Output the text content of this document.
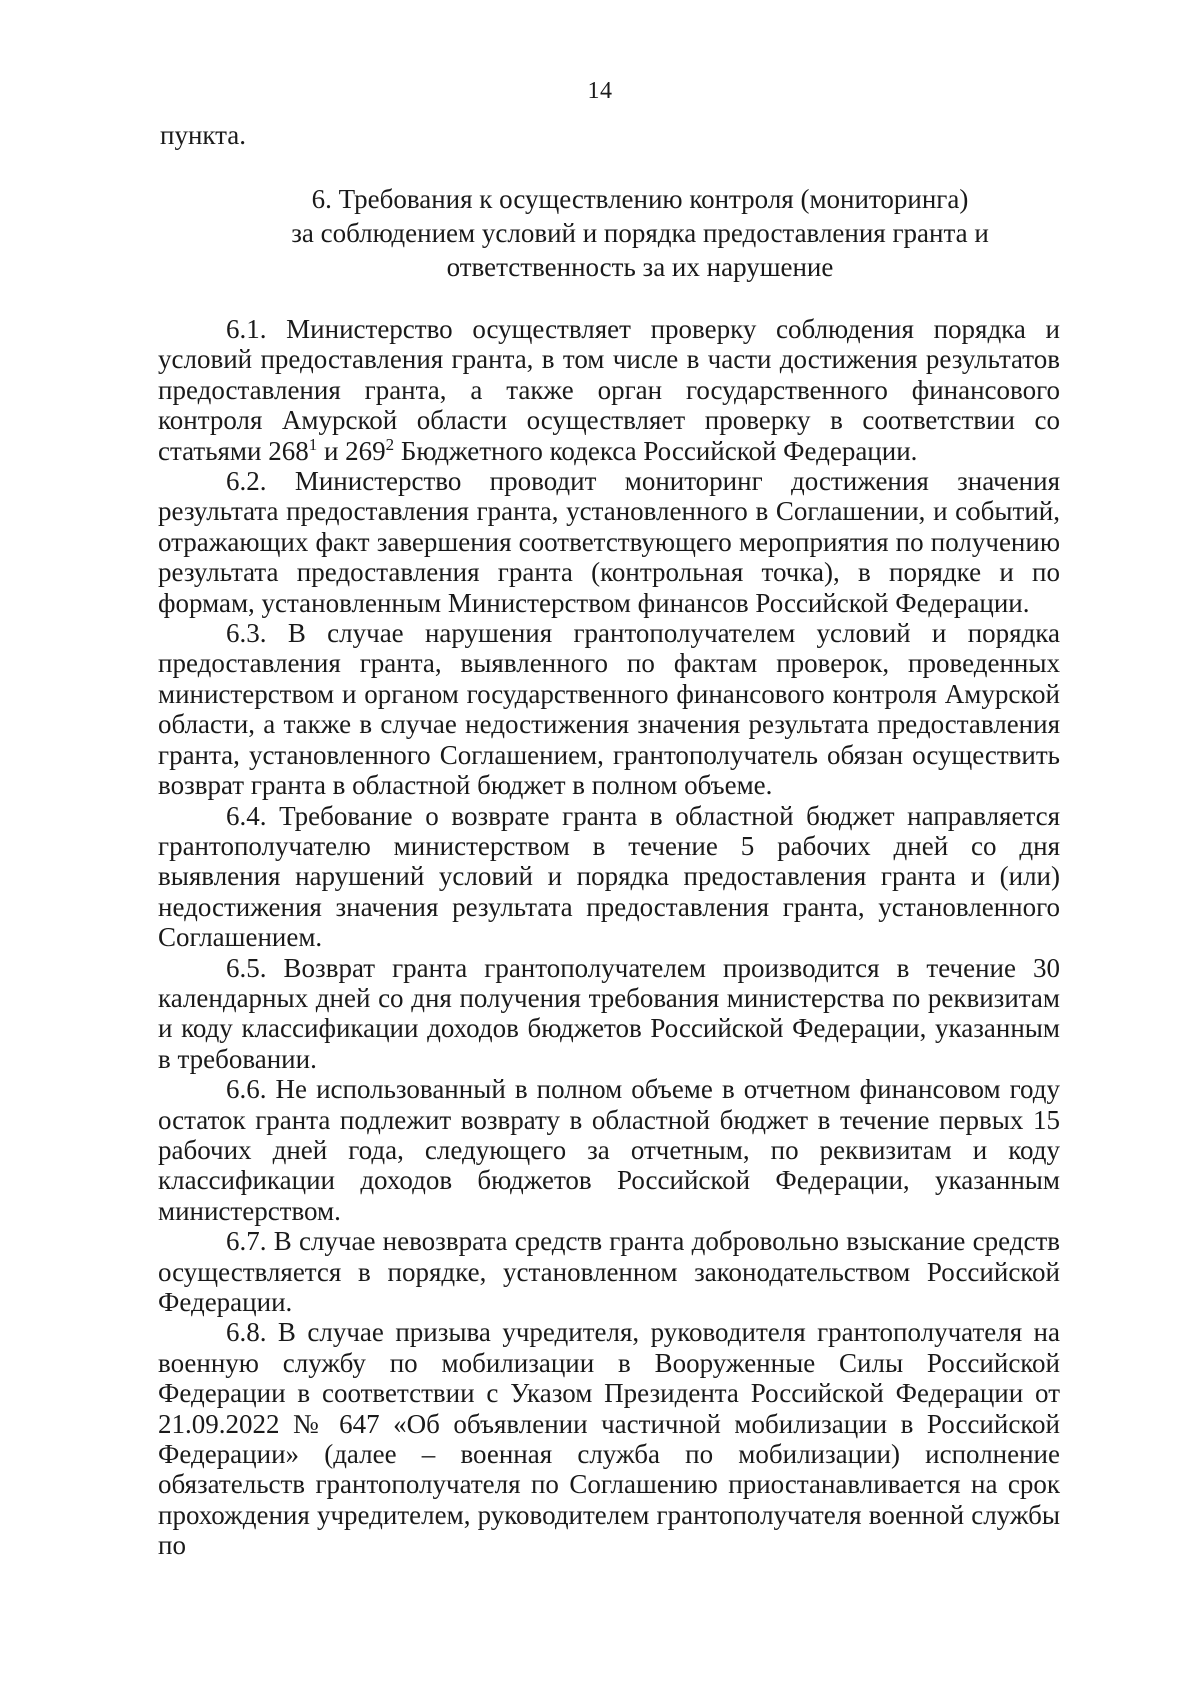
14
пункта.
6. Требования к осуществлению контроля (мониторинга)
за соблюдением условий и порядка предоставления гранта и
ответственность за их нарушение

6.1. Министерство осуществляет проверку соблюдения порядка и условий предоставления гранта, в том числе в части достижения результатов предоставления гранта, а также орган государственного финансового контроля Амурской области осуществляет проверку в соответствии со статьями $268^1$ и $269^2$ Бюджетного кодекса Российской Федерации.

6.2. Министерство проводит мониторинг достижения значения результата предоставления гранта, установленного в Соглашении, и событий, отражающих факт завершения соответствующего мероприятия по получению результата предоставления гранта (контрольная точка), в порядке и по формам, установленным Министерством финансов Российской Федерации.

6.3. В случае нарушения грантополучателем условий и порядка предоставления гранта, выявленного по фактам проверок, проведенных министерством и органом государственного финансового контроля Амурской области, а также в случае недостижения значения результата предоставления гранта, установленного Соглашением, грантополучатель обязан осуществить возврат гранта в областной бюджет в полном объеме.

6.4. Требование о возврате гранта в областной бюджет направляется грантополучателю министерством в течение 5 рабочих дней со дня выявления нарушений условий и порядка предоставления гранта и (или) недостижения значения результата предоставления гранта, установленного Соглашением.

6.5. Возврат гранта грантополучателем производится в течение 30 календарных дней со дня получения требования министерства по реквизитам и коду классификации доходов бюджетов Российской Федерации, указанным в требовании.

6.6. Не использованный в полном объеме в отчетном финансовом году остаток гранта подлежит возврату в областной бюджет в течение первых 15 рабочих дней года, следующего за отчетным, по реквизитам и коду классификации доходов бюджетов Российской Федерации, указанным министерством.

6.7. В случае невозврата средств гранта добровольно взыскание средств осуществляется в порядке, установленном законодательством Российской Федерации.

6.8. В случае призыва учредителя, руководителя грантополучателя на военную службу по мобилизации в Вооруженные Силы Российской Федерации в соответствии с Указом Президента Российской Федерации от 21.09.2022 № 647 «Об объявлении частичной мобилизации в Российской Федерации» (далее – военная служба по мобилизации) исполнение обязательств грантополучателя по Соглашению приостанавливается на срок прохождения учредителем, руководителем грантополучателя военной службы по
